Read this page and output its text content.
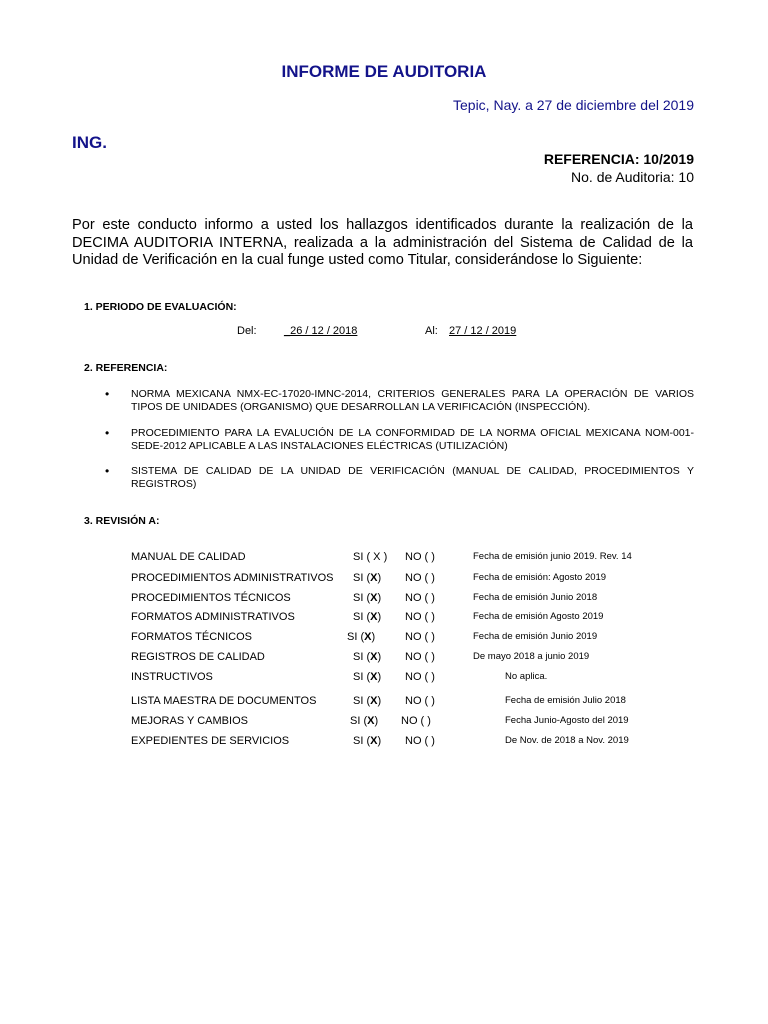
INFORME DE AUDITORIA
Tepic, Nay. a 27 de diciembre del 2019
ING.
REFERENCIA: 10/2019
No. de Auditoria: 10
Por este conducto informo a usted los hallazgos identificados durante la realización de la DECIMA AUDITORIA INTERNA, realizada a la administración del Sistema de Calidad de la Unidad de Verificación en la cual funge usted como Titular, considerándose lo Siguiente:
1. PERIODO DE EVALUACIÓN:
Del: _26 / 12 / 2018	Al: 27 / 12 / 2019
2. REFERENCIA:
• NORMA MEXICANA NMX-EC-17020-IMNC-2014, CRITERIOS GENERALES PARA LA OPERACIÓN DE VARIOS TIPOS DE UNIDADES (ORGANISMO) QUE DESARROLLAN LA VERIFICACIÓN (INSPECCIÓN).
• PROCEDIMIENTO PARA LA EVALUCIÓN DE LA CONFORMIDAD DE LA NORMA OFICIAL MEXICANA NOM-001-SEDE-2012 APLICABLE A LAS INSTALACIONES ELÉCTRICAS (UTILIZACIÓN)
• SISTEMA DE CALIDAD DE LA UNIDAD DE VERIFICACIÓN (MANUAL DE CALIDAD, PROCEDIMIENTOS Y REGISTROS)
3. REVISIÓN A:
MANUAL DE CALIDAD	SI ( X ) NO ( )	Fecha de emisión junio 2019. Rev. 14
PROCEDIMIENTOS ADMINISTRATIVOS SI (X) NO ( )	Fecha de emisión: Agosto 2019
PROCEDIMIENTOS TÉCNICOS	SI (X) NO ( )	Fecha de emisión Junio 2018
FORMATOS ADMINISTRATIVOS	SI (X) NO ( )	Fecha de emisión Agosto 2019
FORMATOS TÉCNICOS	SI (X)	NO ( )	Fecha de emisión Junio 2019
REGISTROS DE CALIDAD	SI (X) NO ( )	De mayo 2018 a junio 2019
INSTRUCTIVOS	SI (X) NO ( )	No aplica.
LISTA MAESTRA DE DOCUMENTOS	SI (X) NO ( )	Fecha de emisión Julio 2018
MEJORAS Y CAMBIOS	SI (X) NO ( )	Fecha Junio-Agosto del 2019
EXPEDIENTES DE SERVICIOS	SI (X) NO ( )	De Nov. de 2018 a Nov. 2019
